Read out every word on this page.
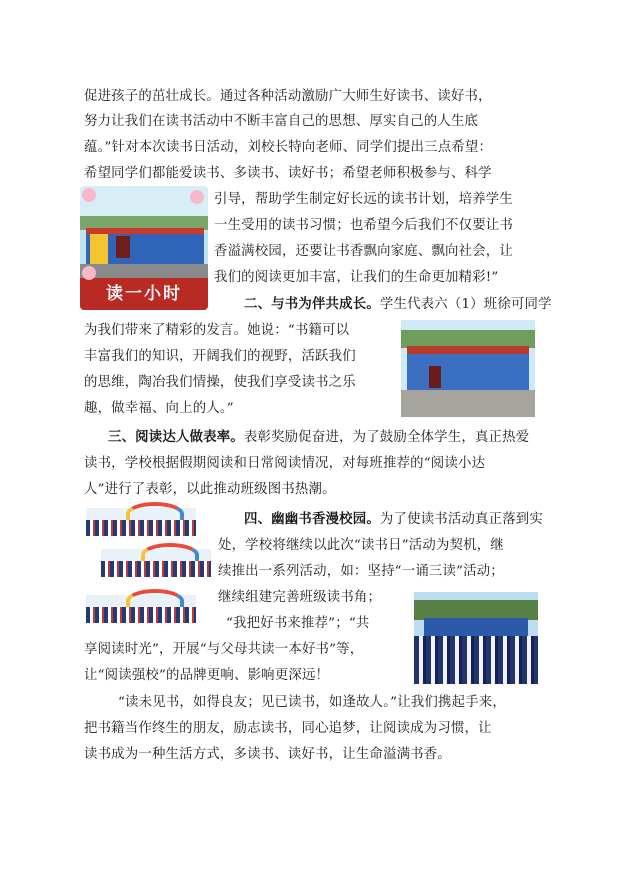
促进孩子的茁壮成长。通过各种活动激励广大师生好读书、读好书，
努力让我们在读书活动中不断丰富自己的思想、厚实自己的人生底
蕴。”针对本次读书日活动，刘校长特向老师、同学们提出三点希望：
希望同学们都能爱读书、多读书、读好书；希望老师积极参与、科学
引导，帮助学生制定好长远的读书计划，培养学生
一生受用的读书习惯；也希望今后我们不仅要让书
香溢满校园，还要让书香飘向家庭、飘向社会，让
我们的阅读更加丰富，让我们的生命更加精彩!”
读一小时	二、与书为伴共成长。学生代表六（1）班徐可同学
为我们带来了精彩的发言。她说：“书籍可以
丰富我们的知识，开阔我们的视野，活跃我们
的思维，陶冶我们情操，使我们享受读书之乐
趣，做幸福、向上的人。”
三、阅读达人做表率。表彰奖励促奋进，为了鼓励全体学生，真正热爱
读书，学校根据假期阅读和日常阅读情况，对每班推荐的“阅读小达
人”进行了表彰，以此推动班级图书热潮。
四、幽幽书香漫校园。为了使读书活动真正落到实
处，学校将继续以此次“读书日”活动为契机，继
续推出一系列活动，如：坚持“一诵三读”活动；
继续组建完善班级读书角；
“我把好书来推荐”；“共
享阅读时光”，开展“与父母共读一本好书”等，
让“阅读强校”的品牌更响、影响更深远！
“读未见书，如得良友；见已读书，如逢故人。”让我们携起手来，
把书籍当作终生的朋友，励志读书，同心追梦，让阅读成为习惯，让
读书成为一种生活方式，多读书、读好书，让生命溢满书香。
